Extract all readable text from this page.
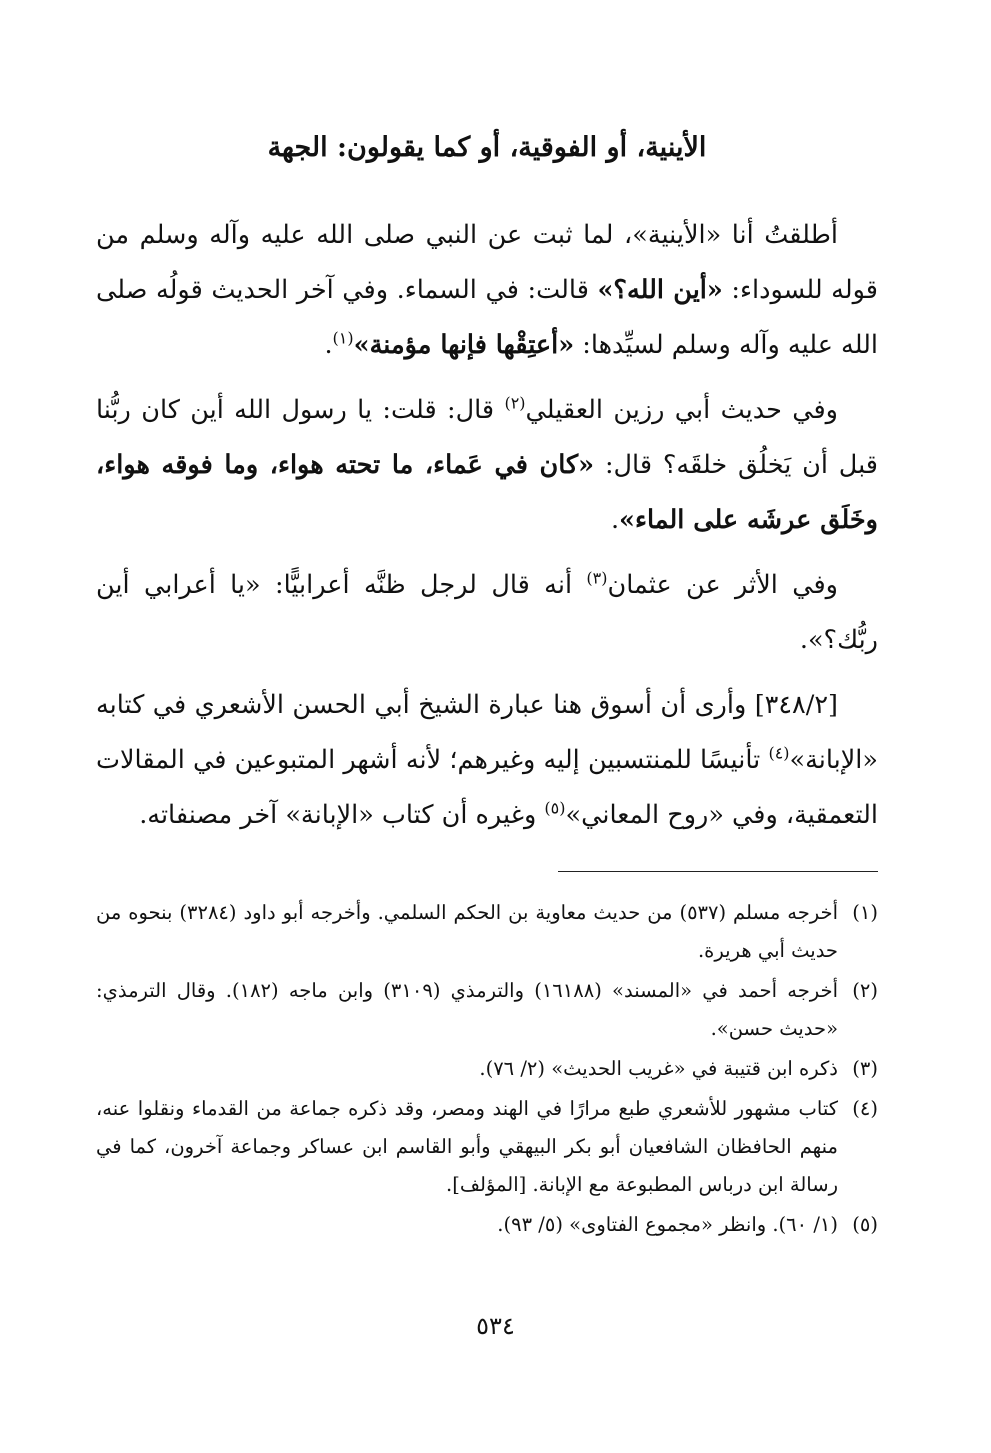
الأينية، أو الفوقية، أو كما يقولون: الجهة

أطلقتُ أنا «الأينية»، لما ثبت عن النبي صلى الله عليه وآله وسلم من قوله للسوداء: «أين الله؟» قالت: في السماء. وفي آخر الحديث قولُه صلى الله عليه وآله وسلم لسيِّدها: «أعتِقْها فإنها مؤمنة»$^{(١)}$.

وفي حديث أبي رزين العقيلي$^{(٢)}$ قال: قلت: يا رسول الله أين كان ربُّنا قبل أن يَخلُق خلقَه؟ قال: «كان في عَماء، ما تحته هواء، وما فوقه هواء، وخَلَق عرشَه على الماء».

وفي الأثر عن عثمان$^{(٣)}$ أنه قال لرجل ظنَّه أعرابيًّا: «يا أعرابي أين ربُّك؟».

[٣٤٨/٢] وأرى أن أسوق هنا عبارة الشيخ أبي الحسن الأشعري في كتابه «الإبانة»$^{(٤)}$ تأنيسًا للمنتسبين إليه وغيرهم؛ لأنه أشهر المتبوعين في المقالات التعمقية، وفي «روح المعاني»$^{(٥)}$ وغيره أن كتاب «الإبانة» آخر مصنفاته.

(١)
أخرجه مسلم (٥٣٧) من حديث معاوية بن الحكم السلمي. وأخرجه أبو داود (٣٢٨٤) بنحوه من حديث أبي هريرة.
(٢)
أخرجه أحمد في «المسند» (١٦١٨٨) والترمذي (٣١٠٩) وابن ماجه (١٨٢). وقال الترمذي: «حديث حسن».
(٣)
ذكره ابن قتيبة في «غريب الحديث» (٢/ ٧٦).
(٤)
كتاب مشهور للأشعري طبع مرارًا في الهند ومصر، وقد ذكره جماعة من القدماء ونقلوا عنه، منهم الحافظان الشافعيان أبو بكر البيهقي وأبو القاسم ابن عساكر وجماعة آخرون، كما في رسالة ابن درباس المطبوعة مع الإبانة. [المؤلف].
(٥)
(١/ ٦٠). وانظر «مجموع الفتاوى» (٥/ ٩٣).
٥٣٤
